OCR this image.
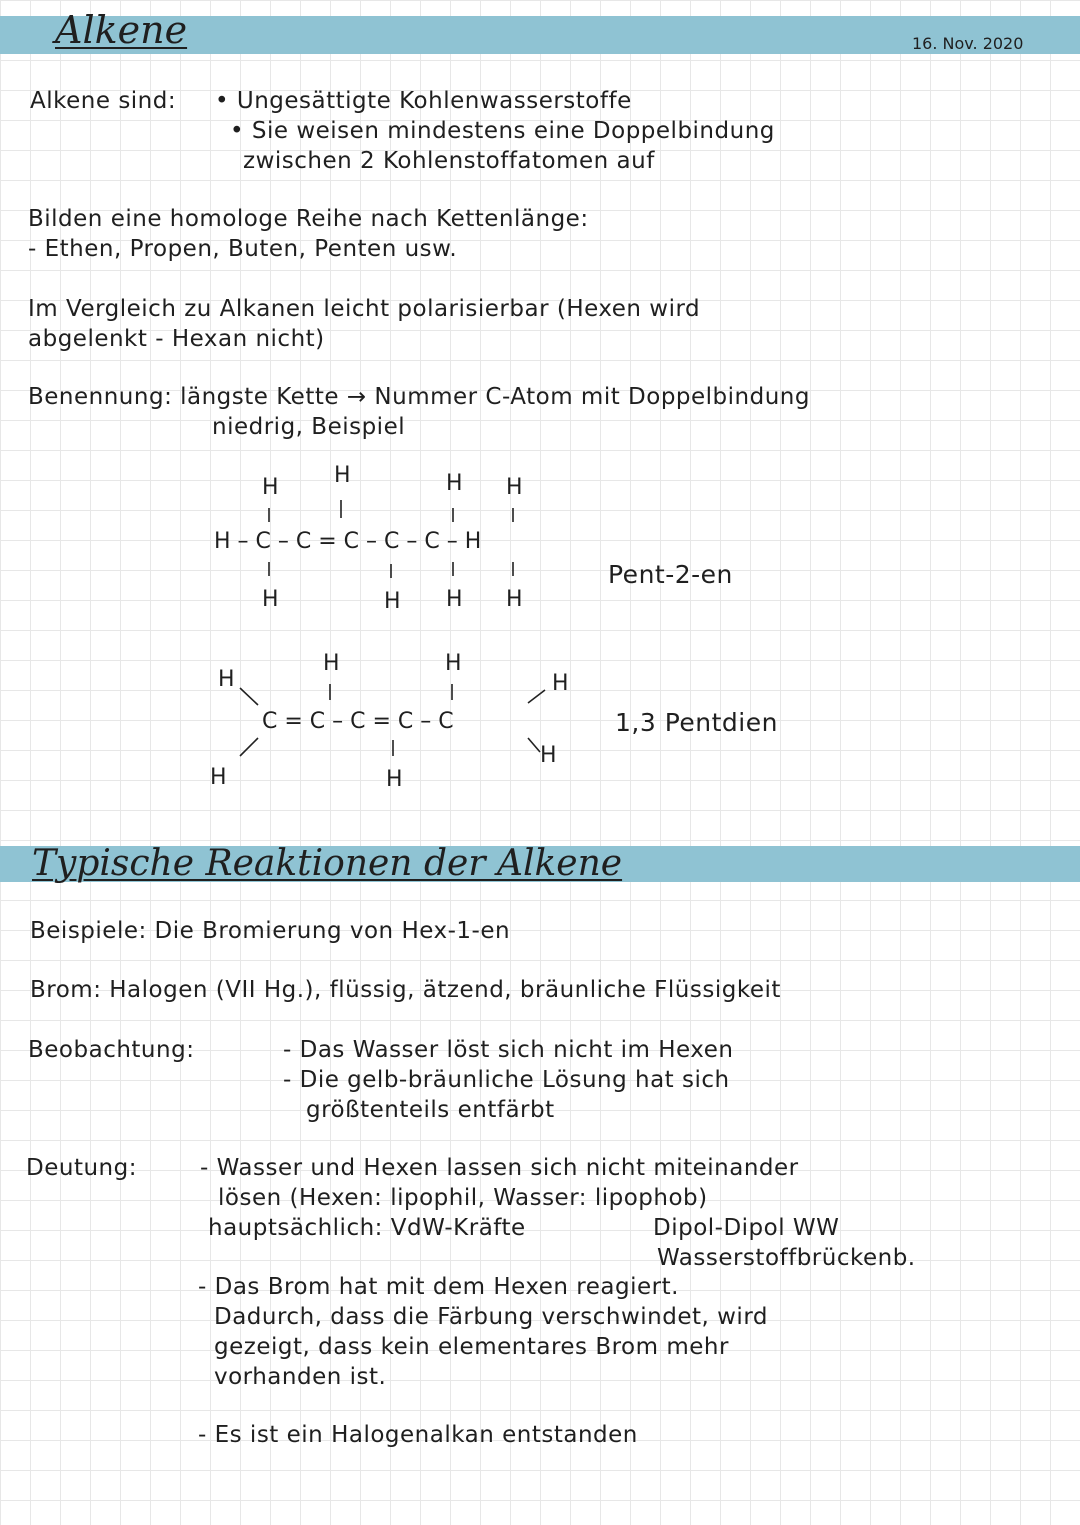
Alkene	16. Nov. 2020
Alkene sind: • Ungesättigte Kohlenwasserstoffe
• Sie weisen mindestens eine Doppelbindung
zwischen 2 Kohlenstoffatomen auf
Bilden eine homologe Reihe nach Kettenlänge:
- Ethen, Propen, Buten, Penten usw.
Im Vergleich zu Alkanen leicht polarisierbar (Hexen wird
abgelenkt - Hexan nicht)
Benennung: längste Kette → Nummer C-Atom mit Doppelbindung
niedrig, Beispiel
H	H	H H
H – C – C = C – C – C – H
H	H H H
Pent-2-en
H
H
H	H
C = C – C = C – C
H
H
H
1,3 Pentdien
Typische Reaktionen der Alkene
Beispiele: Die Bromierung von Hex-1-en
Brom: Halogen (VII Hg.), flüssig, ätzend, bräunliche Flüssigkeit
Beobachtung:	- Das Wasser löst sich nicht im Hexen
- Die gelb-bräunliche Lösung hat sich
größtenteils entfärbt
Deutung:	- Wasser und Hexen lassen sich nicht miteinander
lösen (Hexen: lipophil, Wasser: lipophob)
hauptsächlich: VdW-Kräfte	Dipol-Dipol WW
Wasserstoffbrückenb.
- Das Brom hat mit dem Hexen reagiert.
Dadurch, dass die Färbung verschwindet, wird
gezeigt, dass kein elementares Brom mehr
vorhanden ist.
- Es ist ein Halogenalkan entstanden
